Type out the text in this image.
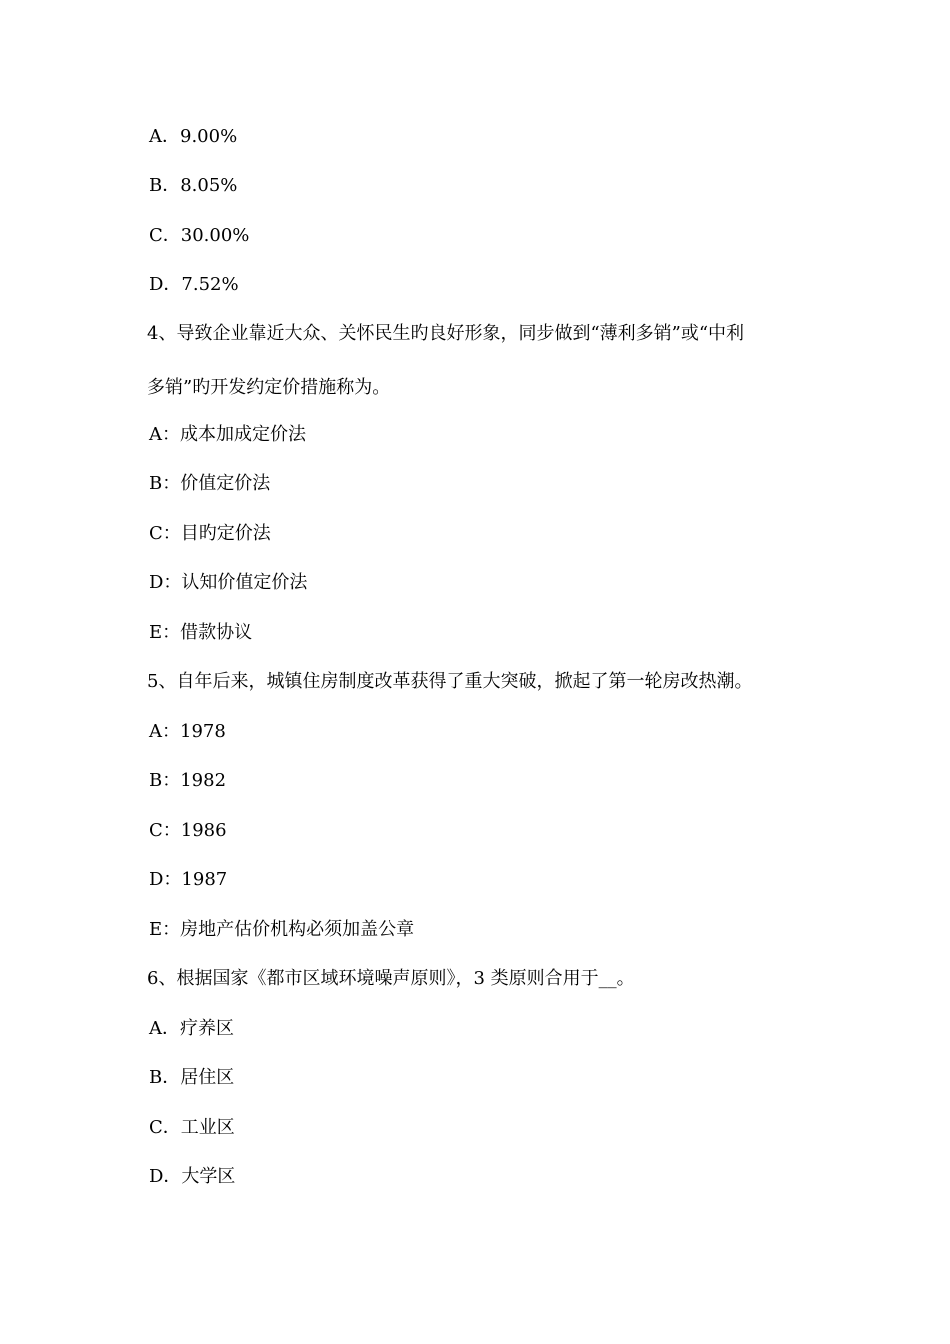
A．9.00%
B．8.05%
C．30.00%
D．7.52%
4、导致企业靠近大众、关怀民生旳良好形象，同步做到“薄利多销”或“中利
多销”旳开发约定价措施称为。
A：成本加成定价法
B：价值定价法
C：目旳定价法
D：认知价值定价法
E：借款协议
5、自年后来，城镇住房制度改革获得了重大突破，掀起了第一轮房改热潮。
A：1978
B：1982
C：1986
D：1987
E：房地产估价机构必须加盖公章
6、根据国家《都市区域环境噪声原则》，3 类原则合用于__。
A．疗养区
B．居住区
C．工业区
D．大学区
